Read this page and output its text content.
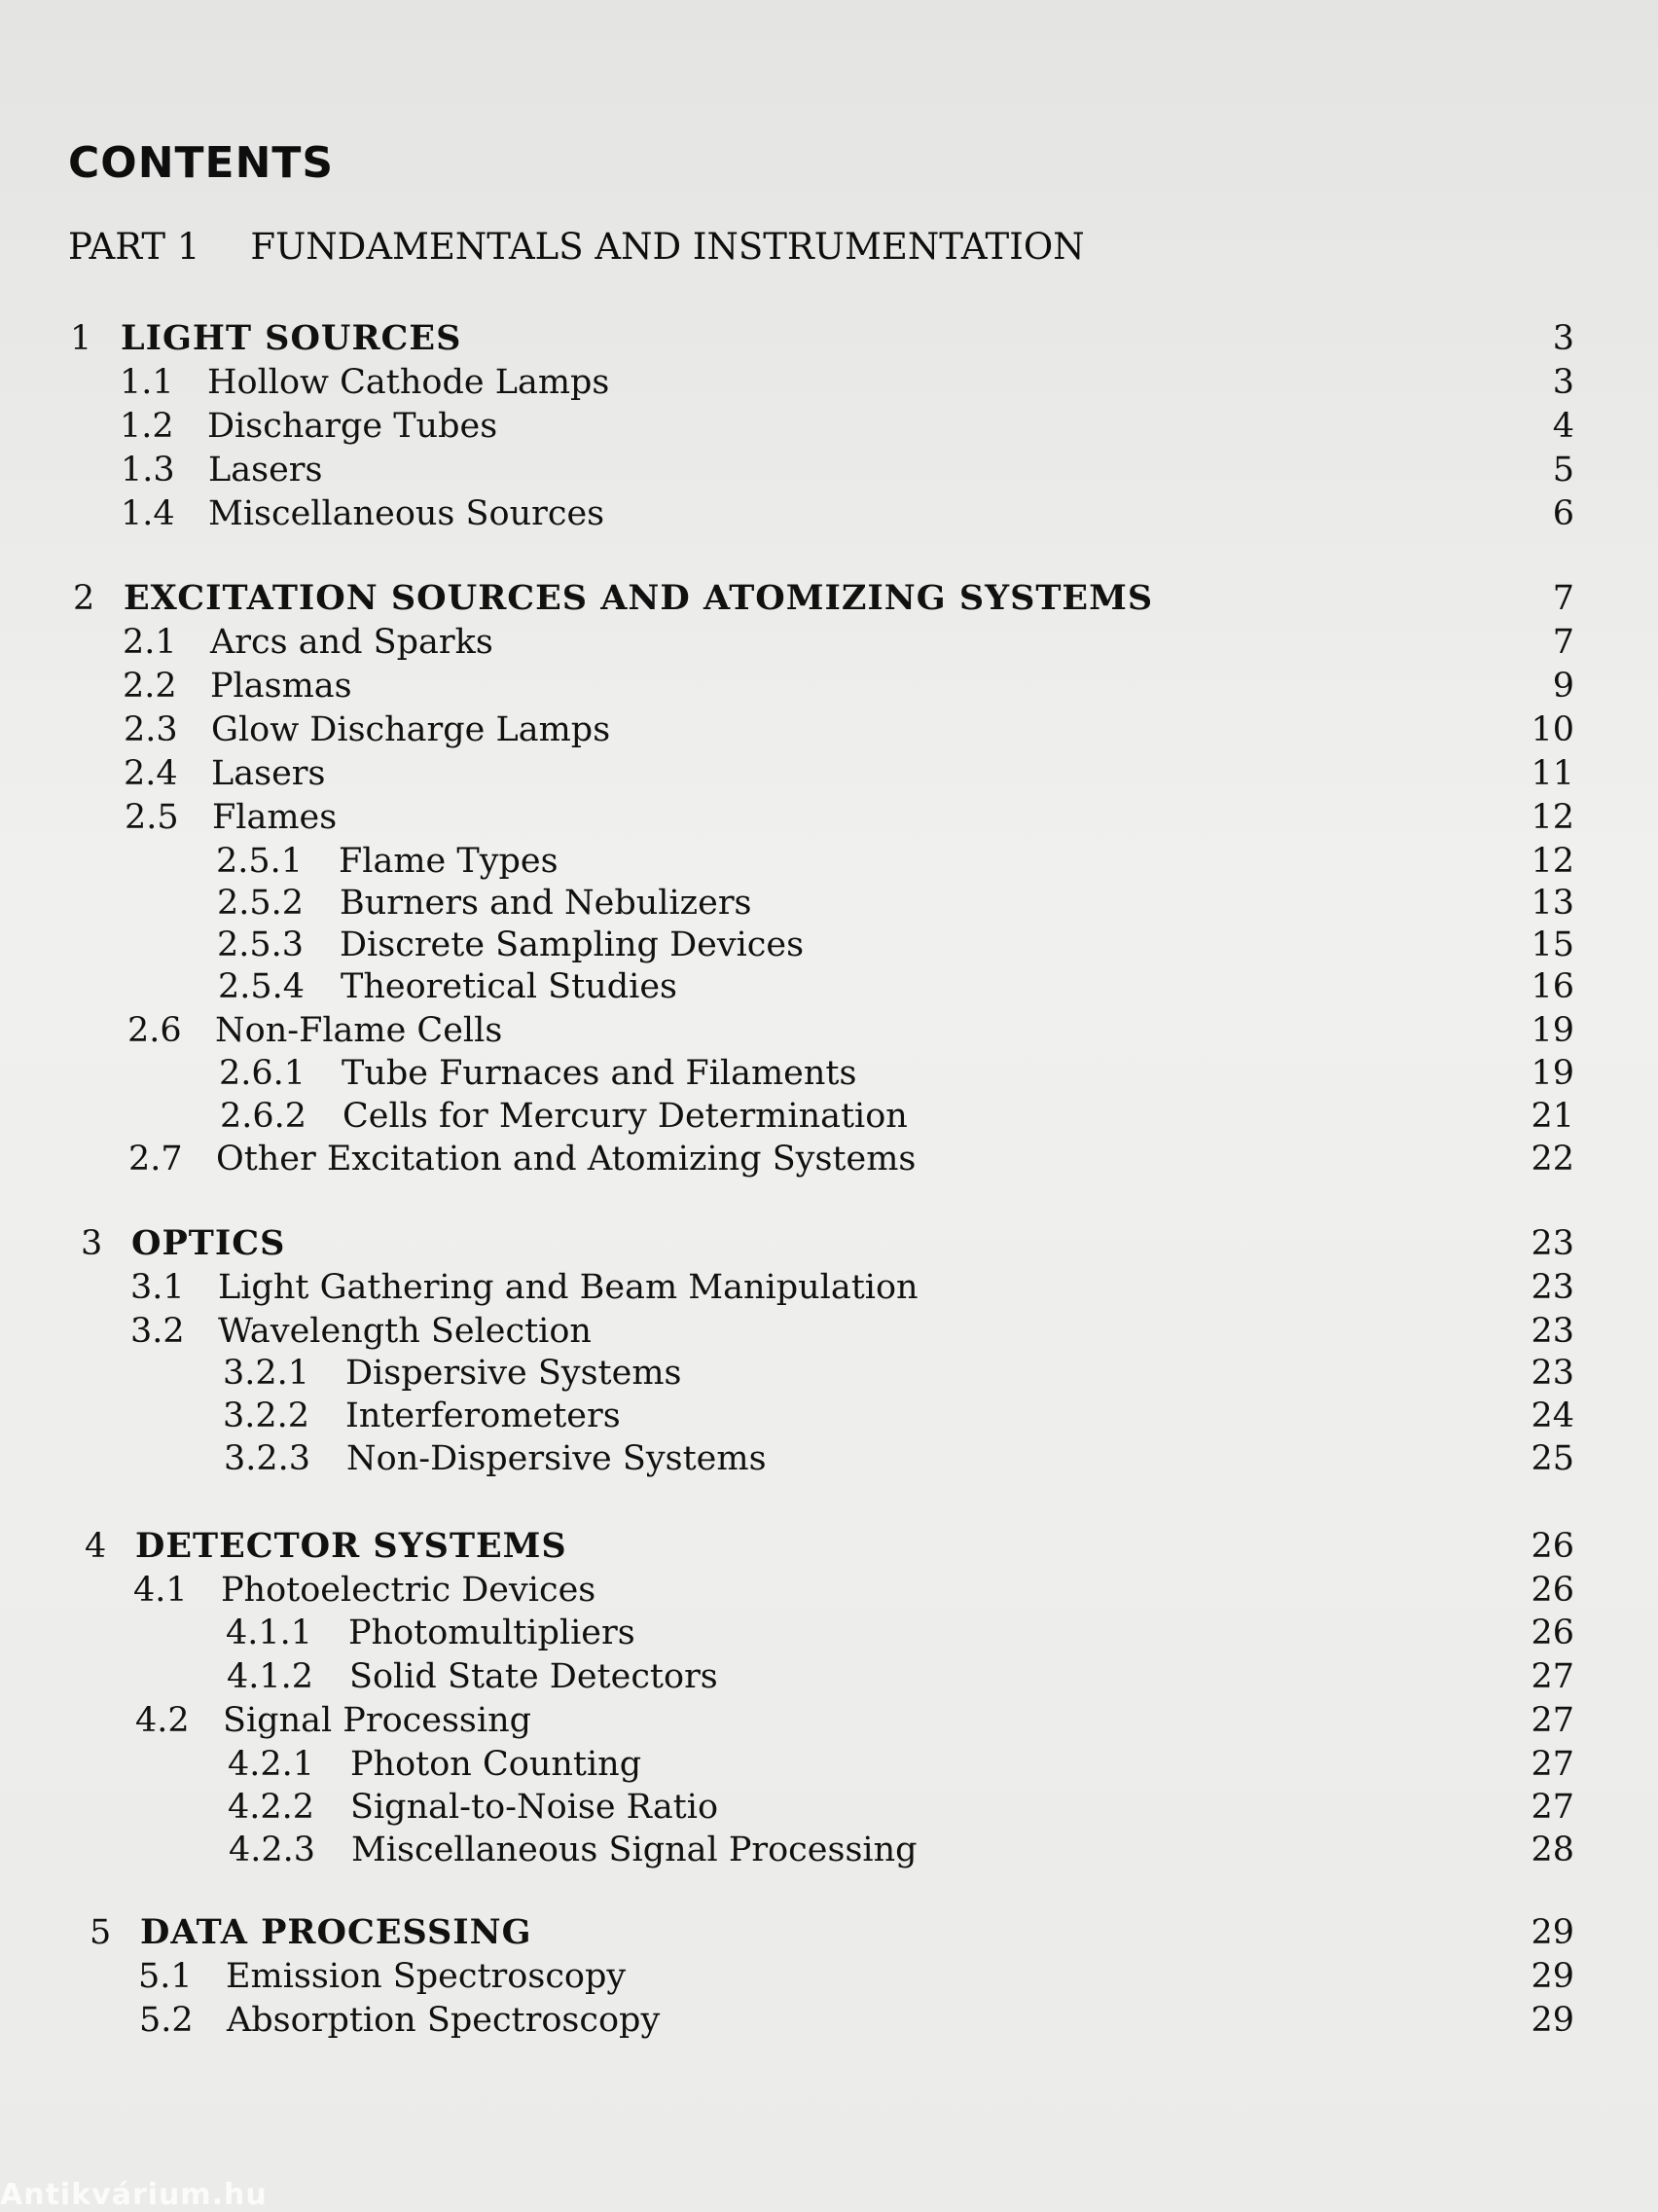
CONTENTS
PART 1 FUNDAMENTALS AND INSTRUMENTATION
1 LIGHT SOURCES	3
1.1 Hollow Cathode Lamps	3
1.2 Discharge Tubes	4
1.3 Lasers	5
1.4 Miscellaneous Sources	6
2 EXCITATION SOURCES AND ATOMIZING SYSTEMS	7
2.1 Arcs and Sparks	7
2.2 Plasmas	9
2.3 Glow Discharge Lamps	10
2.4 Lasers	11
2.5 Flames	12
2.5.1 Flame Types	12
2.5.2 Burners and Nebulizers	13
2.5.3 Discrete Sampling Devices	15
2.5.4 Theoretical Studies	16
2.6 Non-Flame Cells	19
2.6.1 Tube Furnaces and Filaments	19
2.6.2 Cells for Mercury Determination	21
2.7 Other Excitation and Atomizing Systems	22
3 OPTICS	23
3.1 Light Gathering and Beam Manipulation	23
3.2 Wavelength Selection	23
3.2.1 Dispersive Systems	23
3.2.2 Interferometers	24
3.2.3 Non-Dispersive Systems	25
4 DETECTOR SYSTEMS	26
4.1 Photoelectric Devices	26
4.1.1 Photomultipliers	26
4.1.2 Solid State Detectors	27
4.2 Signal Processing	27
4.2.1 Photon Counting	27
4.2.2 Signal-to-Noise Ratio	27
4.2.3 Miscellaneous Signal Processing	28
5 DATA PROCESSING	29
5.1 Emission Spectroscopy	29
5.2 Absorption Spectroscopy	29
Antikvárium.hu
